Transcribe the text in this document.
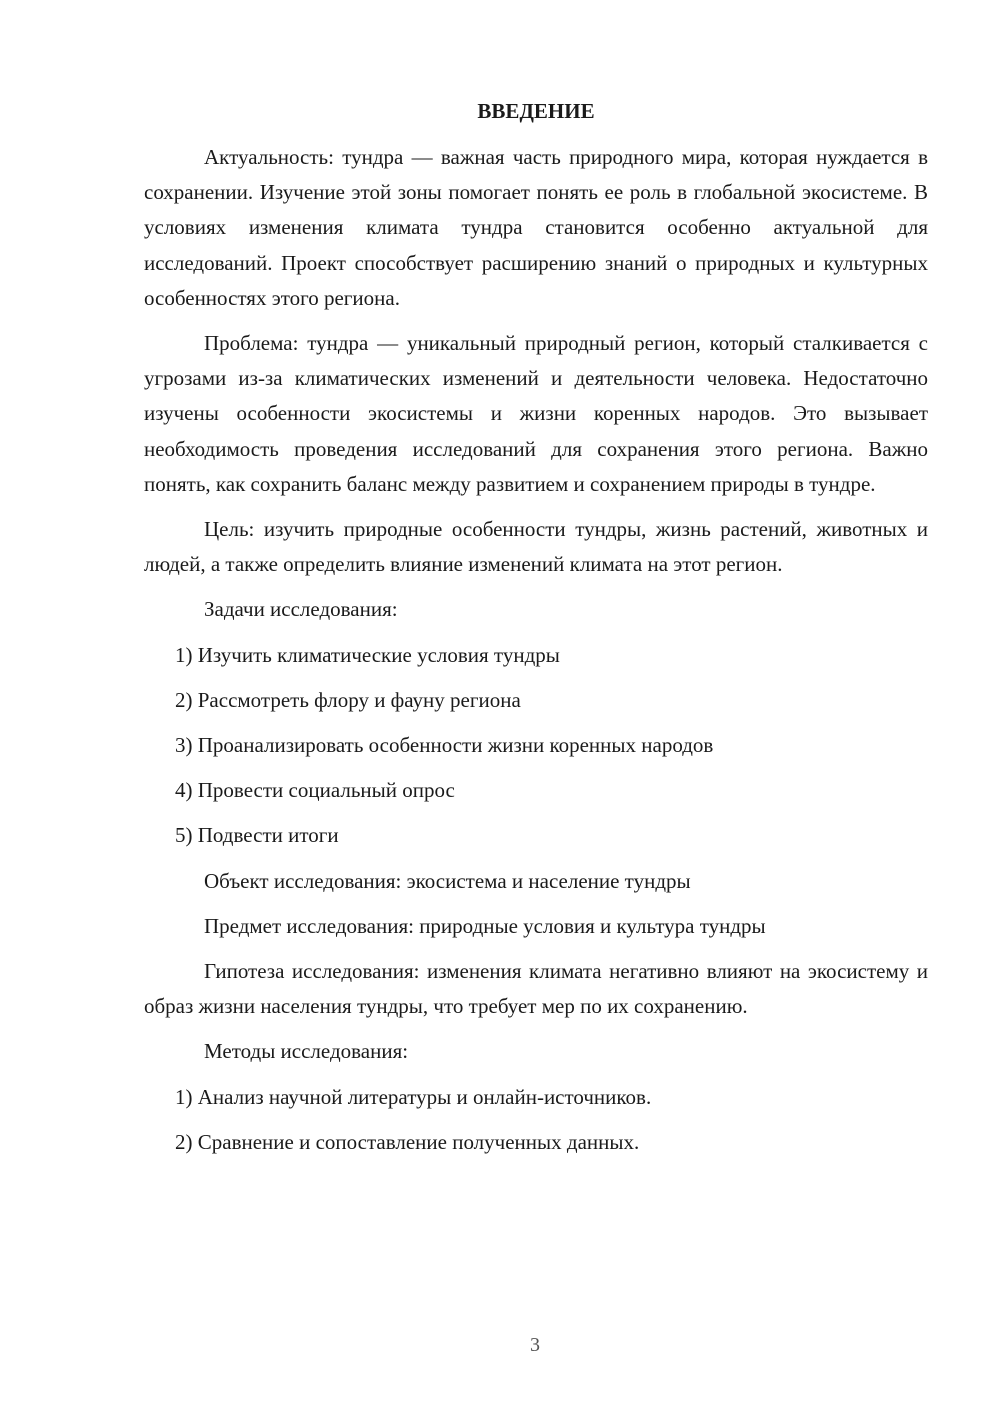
ВВЕДЕНИЕ

Актуальность: тундра — важная часть природного мира, которая нуждается в сохранении. Изучение этой зоны помогает понять ее роль в глобальной экосистеме. В условиях изменения климата тундра становится особенно актуальной для исследований. Проект способствует расширению знаний о природных и культурных особенностях этого региона.

Проблема: тундра — уникальный природный регион, который сталкивается с угрозами из-за климатических изменений и деятельности человека. Недостаточно изучены особенности экосистемы и жизни коренных народов. Это вызывает необходимость проведения исследований для сохранения этого региона. Важно понять, как сохранить баланс между развитием и сохранением природы в тундре.

Цель: изучить природные особенности тундры, жизнь растений, животных и людей, а также определить влияние изменений климата на этот регион.

Задачи исследования:

1) Изучить климатические условия тундры
2) Рассмотреть флору и фауну региона
3) Проанализировать особенности жизни коренных народов
4) Провести социальный опрос
5) Подвести итоги

Объект исследования: экосистема и население тундры

Предмет исследования: природные условия и культура тундры

Гипотеза исследования: изменения климата негативно влияют на экосистему и образ жизни населения тундры, что требует мер по их сохранению.

Методы исследования:

1) Анализ научной литературы и онлайн-источников.
2) Сравнение и сопоставление полученных данных.
3
